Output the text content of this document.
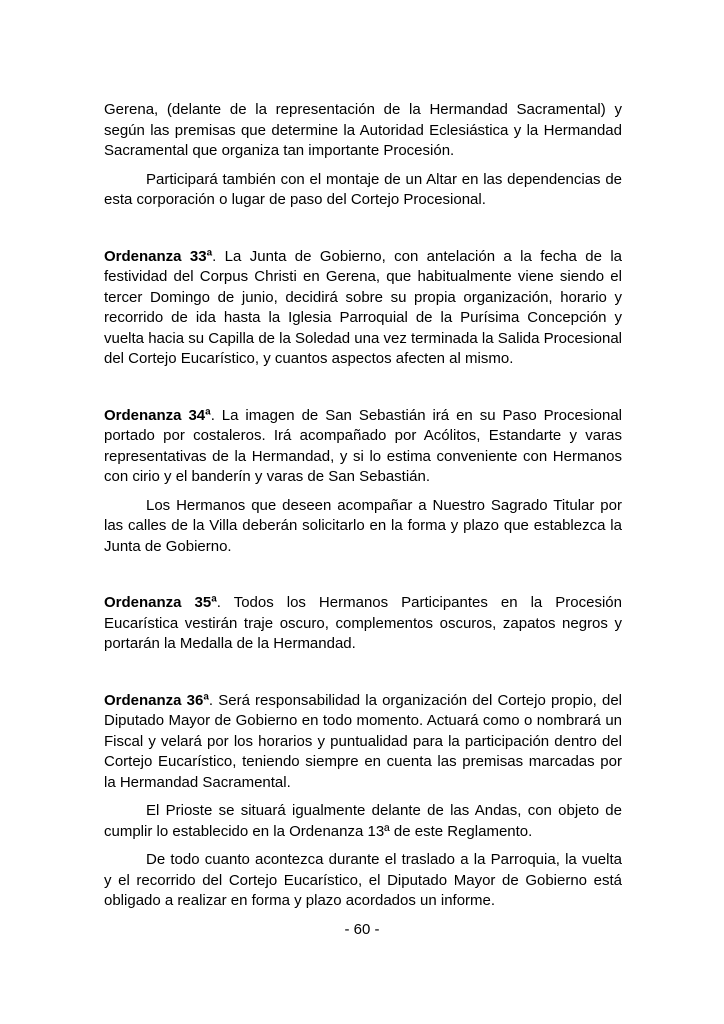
Gerena, (delante de la representación de la Hermandad Sacramental) y según las premisas que determine la Autoridad Eclesiástica y la Hermandad Sacramental que organiza tan importante Procesión.

Participará también con el montaje de un Altar en las dependencias de esta corporación o lugar de paso del Cortejo Procesional.

Ordenanza 33ª. La Junta de Gobierno, con antelación a la fecha de la festividad del Corpus Christi en Gerena, que habitualmente viene siendo el tercer Domingo de junio, decidirá sobre su propia organización, horario y recorrido de ida hasta la Iglesia Parroquial de la Purísima Concepción y vuelta hacia su Capilla de la Soledad una vez terminada la Salida Procesional del Cortejo Eucarístico, y cuantos aspectos afecten al mismo.

Ordenanza 34ª. La imagen de San Sebastián irá en su Paso Procesional portado por costaleros. Irá acompañado por Acólitos, Estandarte y varas representativas de la Hermandad, y si lo estima conveniente con Hermanos con cirio y el banderín y varas de San Sebastián.

Los Hermanos que deseen acompañar a Nuestro Sagrado Titular por las calles de la Villa deberán solicitarlo en la forma y plazo que establezca la Junta de Gobierno.

Ordenanza 35ª. Todos los Hermanos Participantes en la Procesión Eucarística vestirán traje oscuro, complementos oscuros, zapatos negros y portarán la Medalla de la Hermandad.

Ordenanza 36ª. Será responsabilidad la organización del Cortejo propio, del Diputado Mayor de Gobierno en todo momento. Actuará como o nombrará un Fiscal y velará por los horarios y puntualidad para la participación dentro del Cortejo Eucarístico, teniendo siempre en cuenta las premisas marcadas por la Hermandad Sacramental.

El Prioste se situará igualmente delante de las Andas, con objeto de cumplir lo establecido en la Ordenanza 13ª de este Reglamento.

De todo cuanto acontezca durante el traslado a la Parroquia, la vuelta y el recorrido del Cortejo Eucarístico, el Diputado Mayor de Gobierno está obligado a realizar en forma y plazo acordados un informe.

- 60 -
